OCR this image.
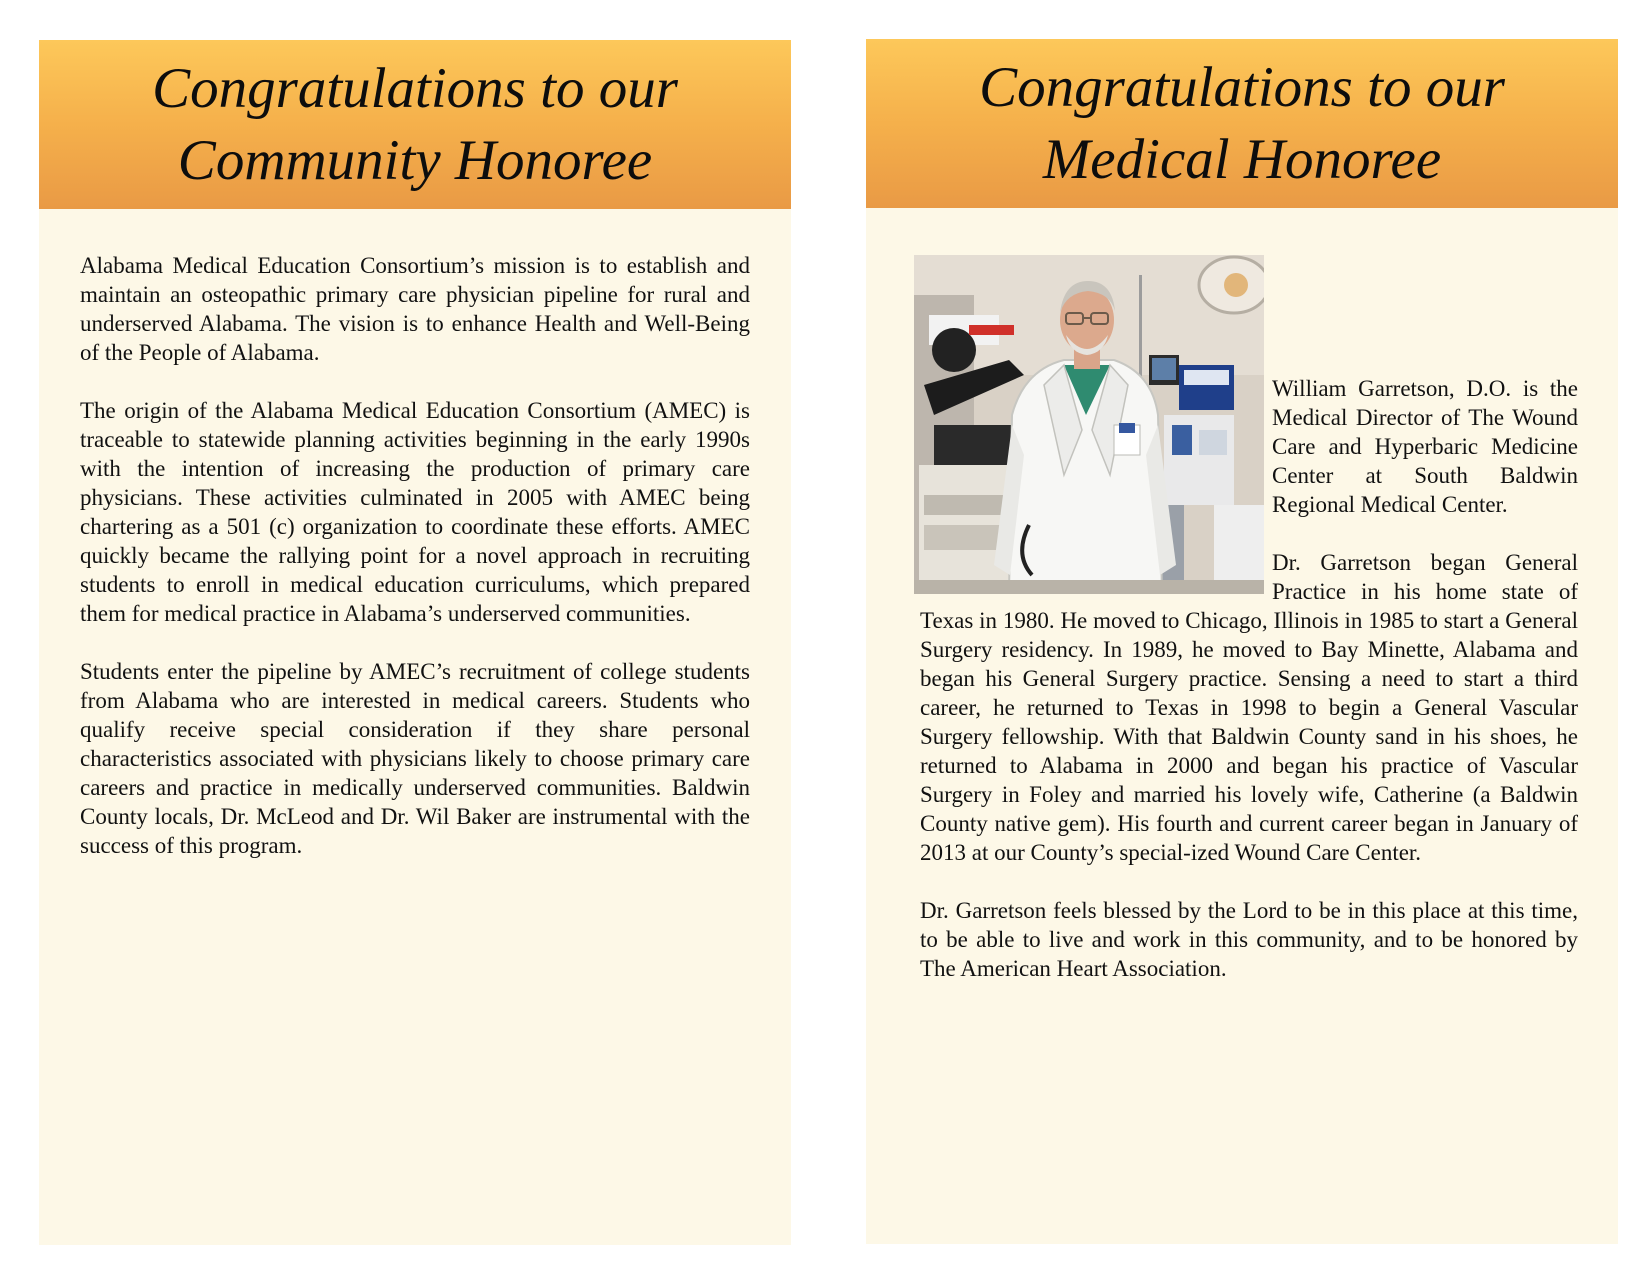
Congratulations to our
Community Honoree

Alabama Medical Education Consortium’s mission is to establish and maintain an osteopathic primary care physician pipeline for rural and underserved Alabama. The vision is to enhance Health and Well-Being of the People of Alabama.

The origin of the Alabama Medical Education Consortium (AMEC) is traceable to statewide planning activities beginning in the early 1990s with the intention of increasing the production of primary care physicians. These activities culminated in 2005 with AMEC being chartering as a 501 (c) organization to coordinate these efforts. AMEC quickly became the rallying point for a novel approach in recruiting students to enroll in medical education curriculums, which prepared them for medical practice in Alabama’s underserved communities.

Students enter the pipeline by AMEC’s recruitment of college students from Alabama who are interested in medical careers. Students who qualify receive special consideration if they share personal characteristics associated with physicians likely to choose primary care careers and practice in medically underserved communities. Baldwin County locals, Dr. McLeod and Dr. Wil Baker are instrumental with the success of this program.

Congratulations to our
Medical Honoree

William Garretson, D.O. is the Medical Director of The Wound Care and Hyperbaric Medicine Center at South Baldwin Regional Medical Center.

Dr. Garretson began General Practice in his home state of Texas in 1980. He moved to Chicago, Illinois in 1985 to start a General Surgery residency. In 1989, he moved to Bay Minette, Alabama and began his General Surgery practice. Sensing a need to start a third career, he returned to Texas in 1998 to begin a General Vascular Surgery fellowship. With that Baldwin County sand in his shoes, he returned to Alabama in 2000 and began his practice of Vascular Surgery in Foley and married his lovely wife, Catherine (a Baldwin County native gem). His fourth and current career began in January of 2013 at our County’s special-ized Wound Care Center.

Dr. Garretson feels blessed by the Lord to be in this place at this time, to be able to live and work in this community, and to be honored by The American Heart Association.
